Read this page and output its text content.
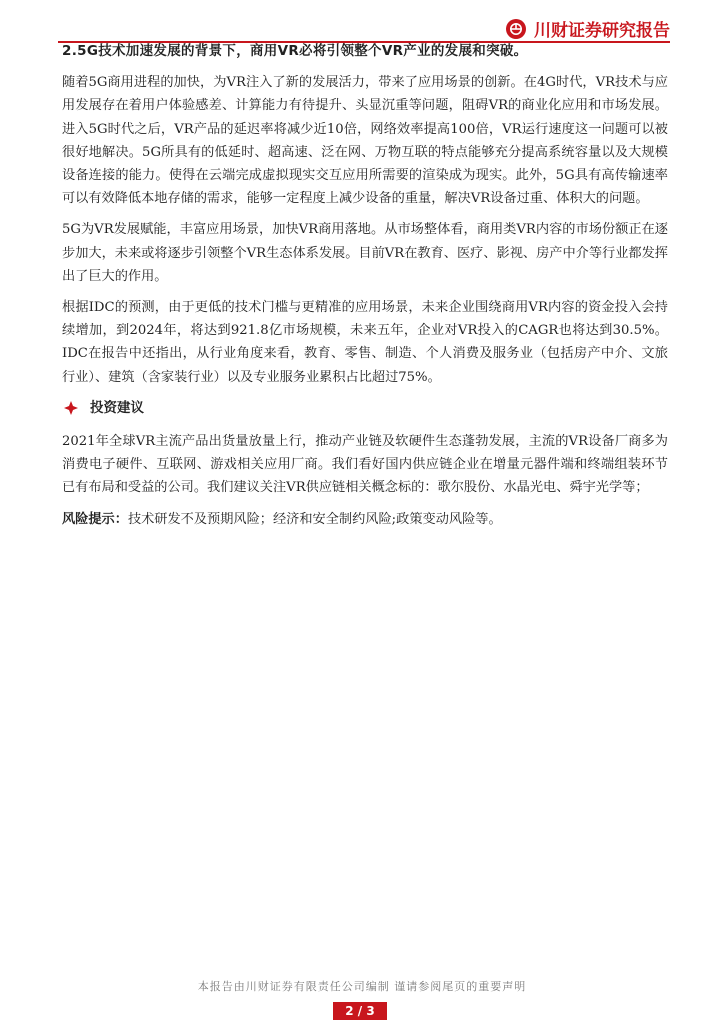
川财证券研究报告
2.5G技术加速发展的背景下，商用VR必将引领整个VR产业的发展和突破。

随着5G商用进程的加快，为VR注入了新的发展活力，带来了应用场景的创新。在4G时代，VR技术与应用发展存在着用户体验感差、计算能力有待提升、头显沉重等问题，阻碍VR的商业化应用和市场发展。进入5G时代之后，VR产品的延迟率将减少近10倍，网络效率提高100倍，VR运行速度这一问题可以被很好地解决。5G所具有的低延时、超高速、泛在网、万物互联的特点能够充分提高系统容量以及大规模设备连接的能力。使得在云端完成虚拟现实交互应用所需要的渲染成为现实。此外，5G具有高传输速率可以有效降低本地存储的需求，能够一定程度上减少设备的重量，解决VR设备过重、体积大的问题。

5G为VR发展赋能，丰富应用场景，加快VR商用落地。从市场整体看，商用类VR内容的市场份额正在逐步加大，未来或将逐步引领整个VR生态体系发展。目前VR在教育、医疗、影视、房产中介等行业都发挥出了巨大的作用。

根据IDC的预测，由于更低的技术门槛与更精准的应用场景，未来企业围绕商用VR内容的资金投入会持续增加，到2024年，将达到921.8亿市场规模，未来五年，企业对VR投入的CAGR也将达到30.5%。IDC在报告中还指出，从行业角度来看，教育、零售、制造、个人消费及服务业（包括房产中介、文旅行业）、建筑（含家装行业）以及专业服务业累积占比超过75%。

投资建议

2021年全球VR主流产品出货量放量上行，推动产业链及软硬件生态蓬勃发展，主流的VR设备厂商多为消费电子硬件、互联网、游戏相关应用厂商。我们看好国内供应链企业在增量元器件端和终端组装环节已有布局和受益的公司。我们建议关注VR供应链相关概念标的：歌尔股份、水晶光电、舜宇光学等；

风险提示：技术研发不及预期风险；经济和安全制约风险;政策变动风险等。

本报告由川财证券有限责任公司编制 谨请参阅尾页的重要声明
2 / 3
